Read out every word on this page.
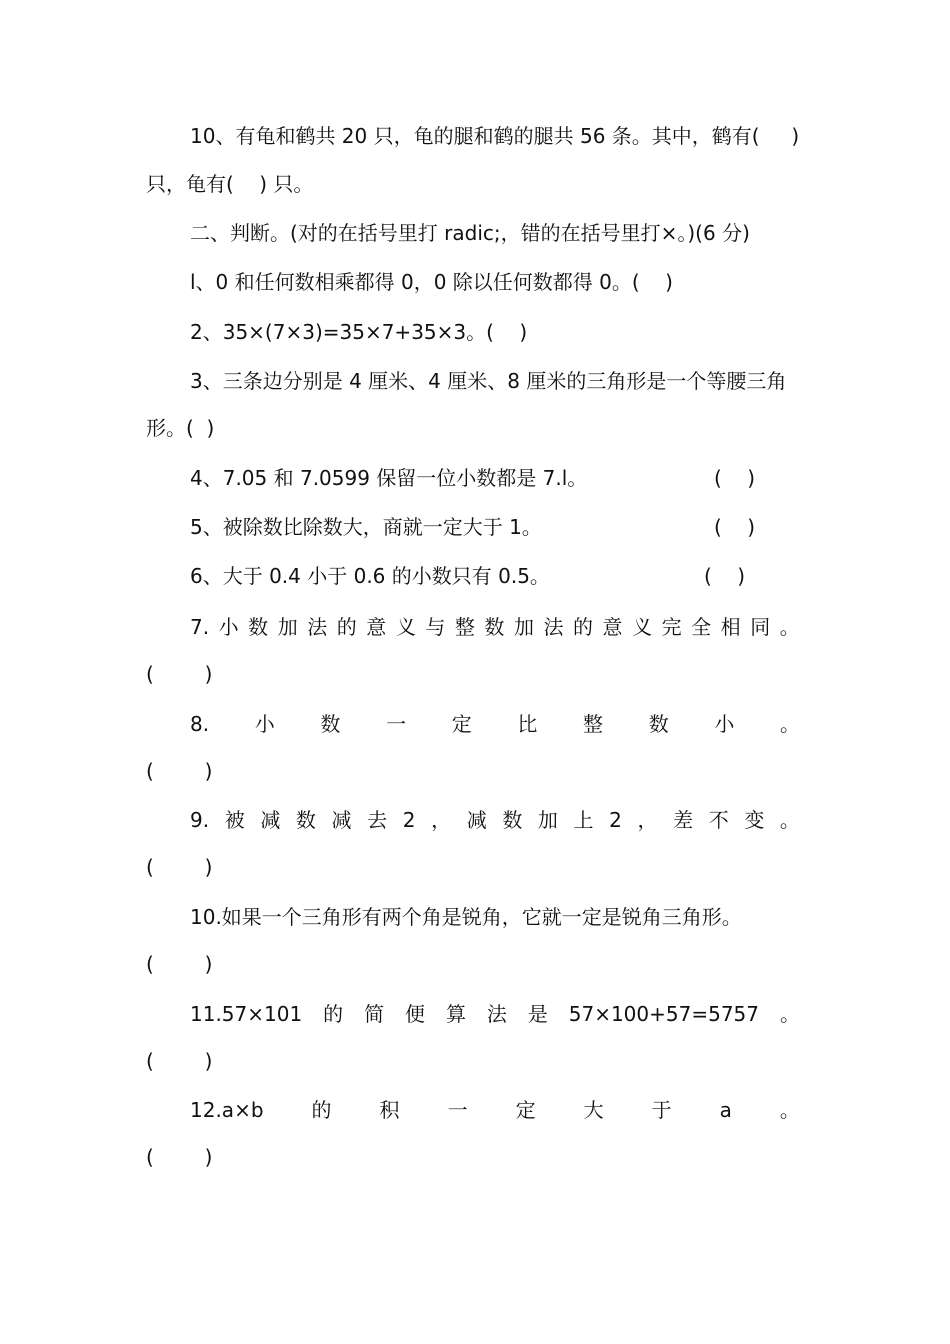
10、有龟和鹤共 20 只，龟的腿和鹤的腿共 56 条。其中，鹤有(     )
只，龟有(    ) 只。
二、判断。(对的在括号里打 radic;，错的在括号里打×。)(6 分)
l、0 和任何数相乘都得 0，0 除以任何数都得 0。(    )
2、35×(7×3)=35×7+35×3。(    )
3、三条边分别是 4 厘米、4 厘米、8 厘米的三角形是一个等腰三角
形。(  )
4、7.05 和 7.0599 保留一位小数都是 7.l。	(    )
5、被除数比除数大，商就一定大于 1。	(    )
6、大于 0.4 小于 0.6 的小数只有 0.5。	(    )
7. 小 数 加 法 的 意 义 与 整 数 加 法 的 意 义 完 全 相 同 。
(        )
8. 小 数 一 定 比 整 数 小 。
(        )
9. 被 减 数 减 去 2 ， 减 数 加 上 2 ， 差 不 变 。
(        )
10.如果一个三角形有两个角是锐角，它就一定是锐角三角形。
(        )
11.57×101 的 简 便 算 法 是 57×100+57=5757 。
(        )
12.a×b 的 积 一 定 大 于 a 。
(        )
